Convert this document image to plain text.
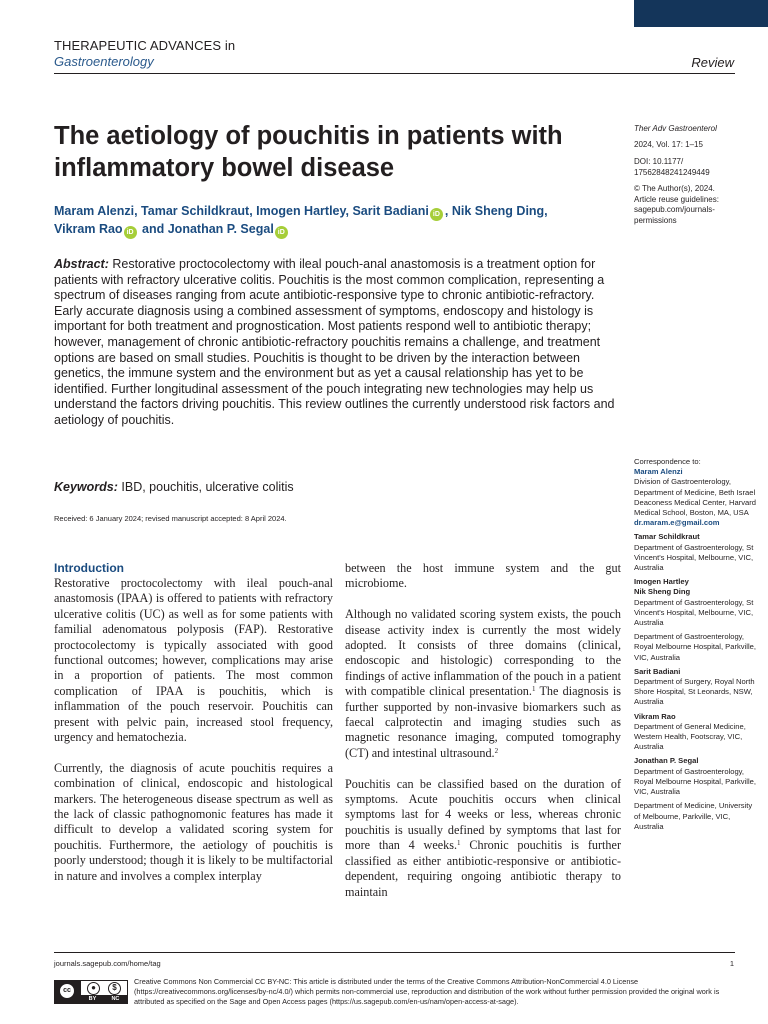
THERAPEUTIC ADVANCES in
Gastroenterology	Review
The aetiology of pouchitis in patients with inflammatory bowel disease
Maram Alenzi, Tamar Schildkraut, Imogen Hartley, Sarit Badiani iD , Nik Sheng Ding,
Vikram Rao iD and Jonathan P. Segal iD
Ther Adv Gastroenterol
2024, Vol. 17: 1–15
DOI: 10.1177/
17562848241249449
© The Author(s), 2024.
Article reuse guidelines:
sagepub.com/journals-
permissions
Abstract: Restorative proctocolectomy with ileal pouch-anal anastomosis is a treatment option for patients with refractory ulcerative colitis. Pouchitis is the most common complication, representing a spectrum of diseases ranging from acute antibiotic-responsive type to chronic antibiotic-refractory. Early accurate diagnosis using a combined assessment of symptoms, endoscopy and histology is important for both treatment and prognostication. Most patients respond well to antibiotic therapy; however, management of chronic antibiotic-refractory pouchitis remains a challenge, and treatment options are based on small studies. Pouchitis is thought to be driven by the interaction between genetics, the immune system and the environment but as yet a causal relationship has yet to be identified. Further longitudinal assessment of the pouch integrating new technologies may help us understand the factors driving pouchitis. This review outlines the currently understood risk factors and aetiology of pouchitis.
Keywords: IBD, pouchitis, ulcerative colitis
Received: 6 January 2024; revised manuscript accepted: 8 April 2024.
Introduction

Restorative proctocolectomy with ileal pouch-anal anastomosis (IPAA) is offered to patients with refractory ulcerative colitis (UC) as well as for some patients with familial adenomatous polyposis (FAP). Restorative proctocolectomy is typically associated with good functional outcomes; however, complications may arise in a proportion of patients. The most common complication of IPAA is pouchitis, which is inflammation of the pouch reservoir. Pouchitis can present with pelvic pain, increased stool frequency, urgency and hematochezia.

Currently, the diagnosis of acute pouchitis requires a combination of clinical, endoscopic and histological markers. The heterogeneous disease spectrum as well as the lack of classic pathognomonic features has made it difficult to develop a validated scoring system for pouchitis. Furthermore, the aetiology of pouchitis is poorly understood; though it is likely to be multifactorial in nature and involves a complex interplay

between the host immune system and the gut microbiome.

Although no validated scoring system exists, the pouch disease activity index is currently the most widely adopted. It consists of three domains (clinical, endoscopic and histologic) corresponding to the findings of active inflammation of the pouch in a patient with compatible clinical presentation.$^1$ The diagnosis is further supported by non-invasive biomarkers such as faecal calprotectin and imaging studies such as magnetic resonance imaging, computed tomography (CT) and intestinal ultrasound.$^2$

Pouchitis can be classified based on the duration of symptoms. Acute pouchitis occurs when clinical symptoms last for 4 weeks or less, whereas chronic pouchitis is usually defined by symptoms that last for more than 4 weeks.$^1$ Chronic pouchitis is further classified as either antibiotic-responsive or antibiotic-dependent, requiring ongoing antibiotic therapy to maintain

Correspondence to:
Maram Alenzi
Division of Gastroenterology, Department of Medicine, Beth Israel Deaconess Medical Center, Harvard Medical School, Boston, MA, USA
dr.maram.e@gmail.com
Tamar Schildkraut
Department of Gastroenterology, St Vincent's Hospital, Melbourne, VIC, Australia
Imogen Hartley
Nik Sheng Ding
Department of Gastroenterology, St Vincent's Hospital, Melbourne, VIC, Australia
Department of Gastroenterology, Royal Melbourne Hospital, Parkville, VIC, Australia
Sarit Badiani
Department of Surgery, Royal North Shore Hospital, St Leonards, NSW, Australia
Vikram Rao
Department of General Medicine, Western Health, Footscray, VIC, Australia
Jonathan P. Segal
Department of Gastroenterology, Royal Melbourne Hospital, Parkville, VIC, Australia
Department of Medicine, University of Melbourne, Parkville, VIC, Australia
journals.sagepub.com/home/tag	1
cc	●	$
BY	NC
Creative Commons Non Commercial CC BY-NC: This article is distributed under the terms of the Creative Commons Attribution-NonCommercial 4.0 License (https://creativecommons.org/licenses/by-nc/4.0/) which permits non-commercial use, reproduction and distribution of the work without further permission provided the original work is attributed as specified on the Sage and Open Access pages (https://us.sagepub.com/en-us/nam/open-access-at-sage).
